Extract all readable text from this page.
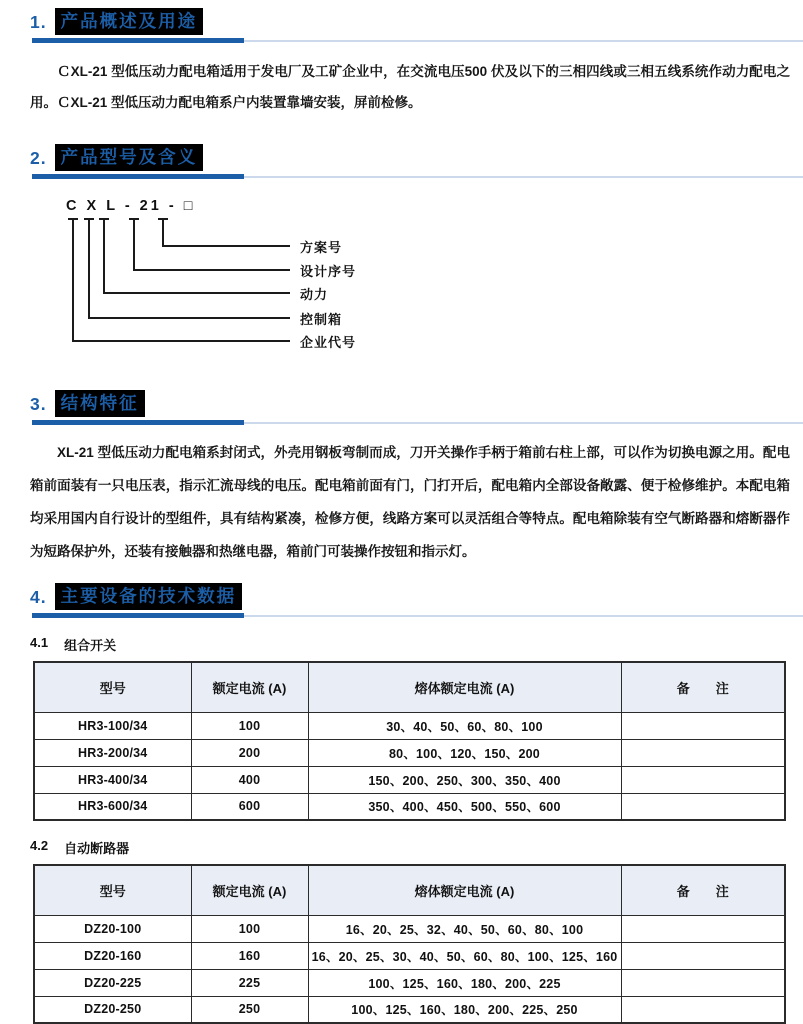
1. 产品概述及用途

ＣXL-21 型低压动力配电箱适用于发电厂及工矿企业中，在交流电压500 伏及以下的三相四线或三相五线系统作动力配电之用。ＣXL-21 型低压动力配电箱系户内装置靠墙安装，屏前检修。

2. 产品型号及含义
C X L - 21 - □
方案号
设计序号
动力
控制箱
企业代号
3. 结构特征

XL-21 型低压动力配电箱系封闭式，外壳用钢板弯制而成，刀开关操作手柄于箱前右柱上部，可以作为切换电源之用。配电箱前面装有一只电压表，指示汇流母线的电压。配电箱前面有门，门打开后，配电箱内全部设备敞露、便于检修维护。本配电箱均采用国内自行设计的型组件，具有结构紧凑，检修方便，线路方案可以灵活组合等特点。配电箱除装有空气断路器和熔断器作为短路保护外，还装有接触器和热继电器，箱前门可装操作按钮和指示灯。

4. 主要设备的技术数据
4.1 组合开关
型号	额定电流 (A)	熔体额定电流 (A)	备　　注
HR3-100/34	100	30、40、50、60、80、100	
HR3-200/34	200	80、100、120、150、200	
HR3-400/34	400	150、200、250、300、350、400	
HR3-600/34	600	350、400、450、500、550、600	
4.2 自动断路器
型号	额定电流 (A)	熔体额定电流 (A)	备　　注
DZ20-100	100	16、20、25、32、40、50、60、80、100	
DZ20-160	160	16、20、25、30、40、50、60、80、100、125、160	
DZ20-225	225	100、125、160、180、200、225	
DZ20-250	250	100、125、160、180、200、225、250	
